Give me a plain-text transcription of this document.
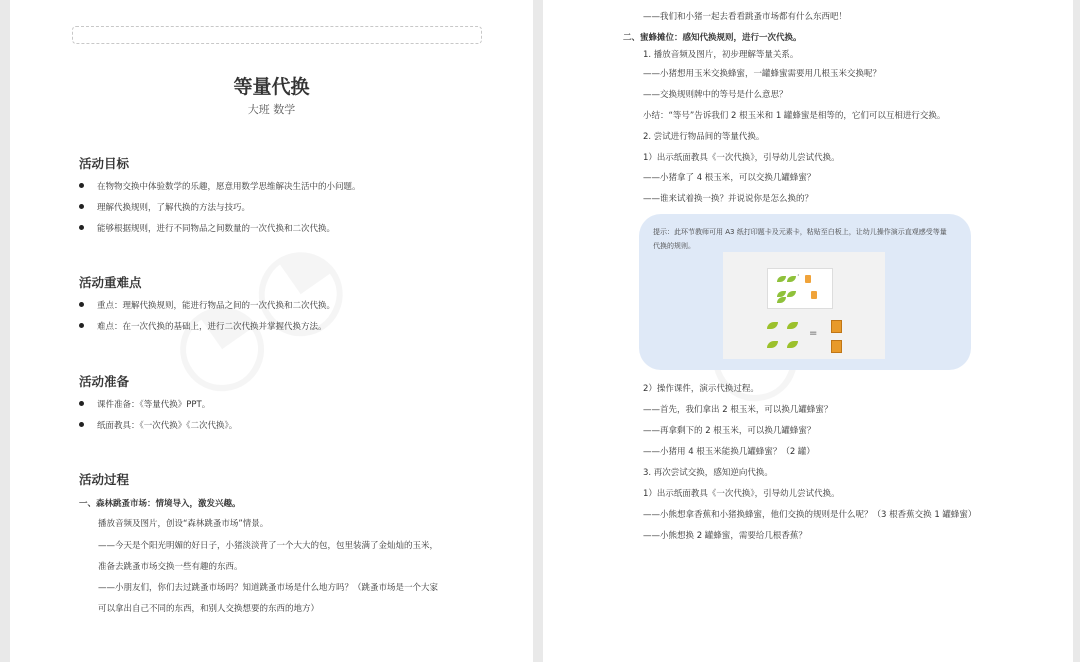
等量代换
大班 数学
活动目标
在物物交换中体验数学的乐趣，愿意用数学思维解决生活中的小问题。
理解代换规则，了解代换的方法与技巧。
能够根据规则，进行不同物品之间数量的一次代换和二次代换。
活动重难点
重点：理解代换规则，能进行物品之间的一次代换和二次代换。
难点：在一次代换的基础上，进行二次代换并掌握代换方法。
活动准备
课件准备：《等量代换》PPT。
纸面教具：《一次代换》《二次代换》。
活动过程
一、森林跳蚤市场：情境导入，激发兴趣。
播放音频及图片，创设“森林跳蚤市场”情景。
——今天是个阳光明媚的好日子，小猪淡淡背了一个大大的包，包里装满了金灿灿的玉米，
准备去跳蚤市场交换一些有趣的东西。
——小朋友们，你们去过跳蚤市场吗？知道跳蚤市场是什么地方吗？（跳蚤市场是一个大家
可以拿出自己不同的东西，和别人交换想要的东西的地方）
——我们和小猪一起去看看跳蚤市场都有什么东西吧！
二、蜜蜂摊位：感知代换规则，进行一次代换。
1. 播放音频及图片，初步理解等量关系。
——小猪想用玉米交换蜂蜜，一罐蜂蜜需要用几根玉米交换呢？
——交换规则牌中的等号是什么意思？
小结：“等号”告诉我们 2 根玉米和 1 罐蜂蜜是相等的，它们可以互相进行交换。
2. 尝试进行物品间的等量代换。
1）出示纸面教具《一次代换》，引导幼儿尝试代换。
——小猪拿了 4 根玉米，可以交换几罐蜂蜜？
——谁来试着换一换？并说说你是怎么换的？
提示：此环节教师可用 A3 纸打印题卡及元素卡，粘贴至白板上，让幼儿操作演示直观感受等量代换的规则。
·
=
2）操作课件，演示代换过程。
——首先，我们拿出 2 根玉米，可以换几罐蜂蜜？
——再拿剩下的 2 根玉米，可以换几罐蜂蜜？
——小猪用 4 根玉米能换几罐蜂蜜？（2 罐）
3. 再次尝试交换，感知逆向代换。
1）出示纸面教具《一次代换》，引导幼儿尝试代换。
——小熊想拿香蕉和小猪换蜂蜜，他们交换的规则是什么呢？（3 根香蕉交换 1 罐蜂蜜）
——小熊想换 2 罐蜂蜜，需要给几根香蕉？
